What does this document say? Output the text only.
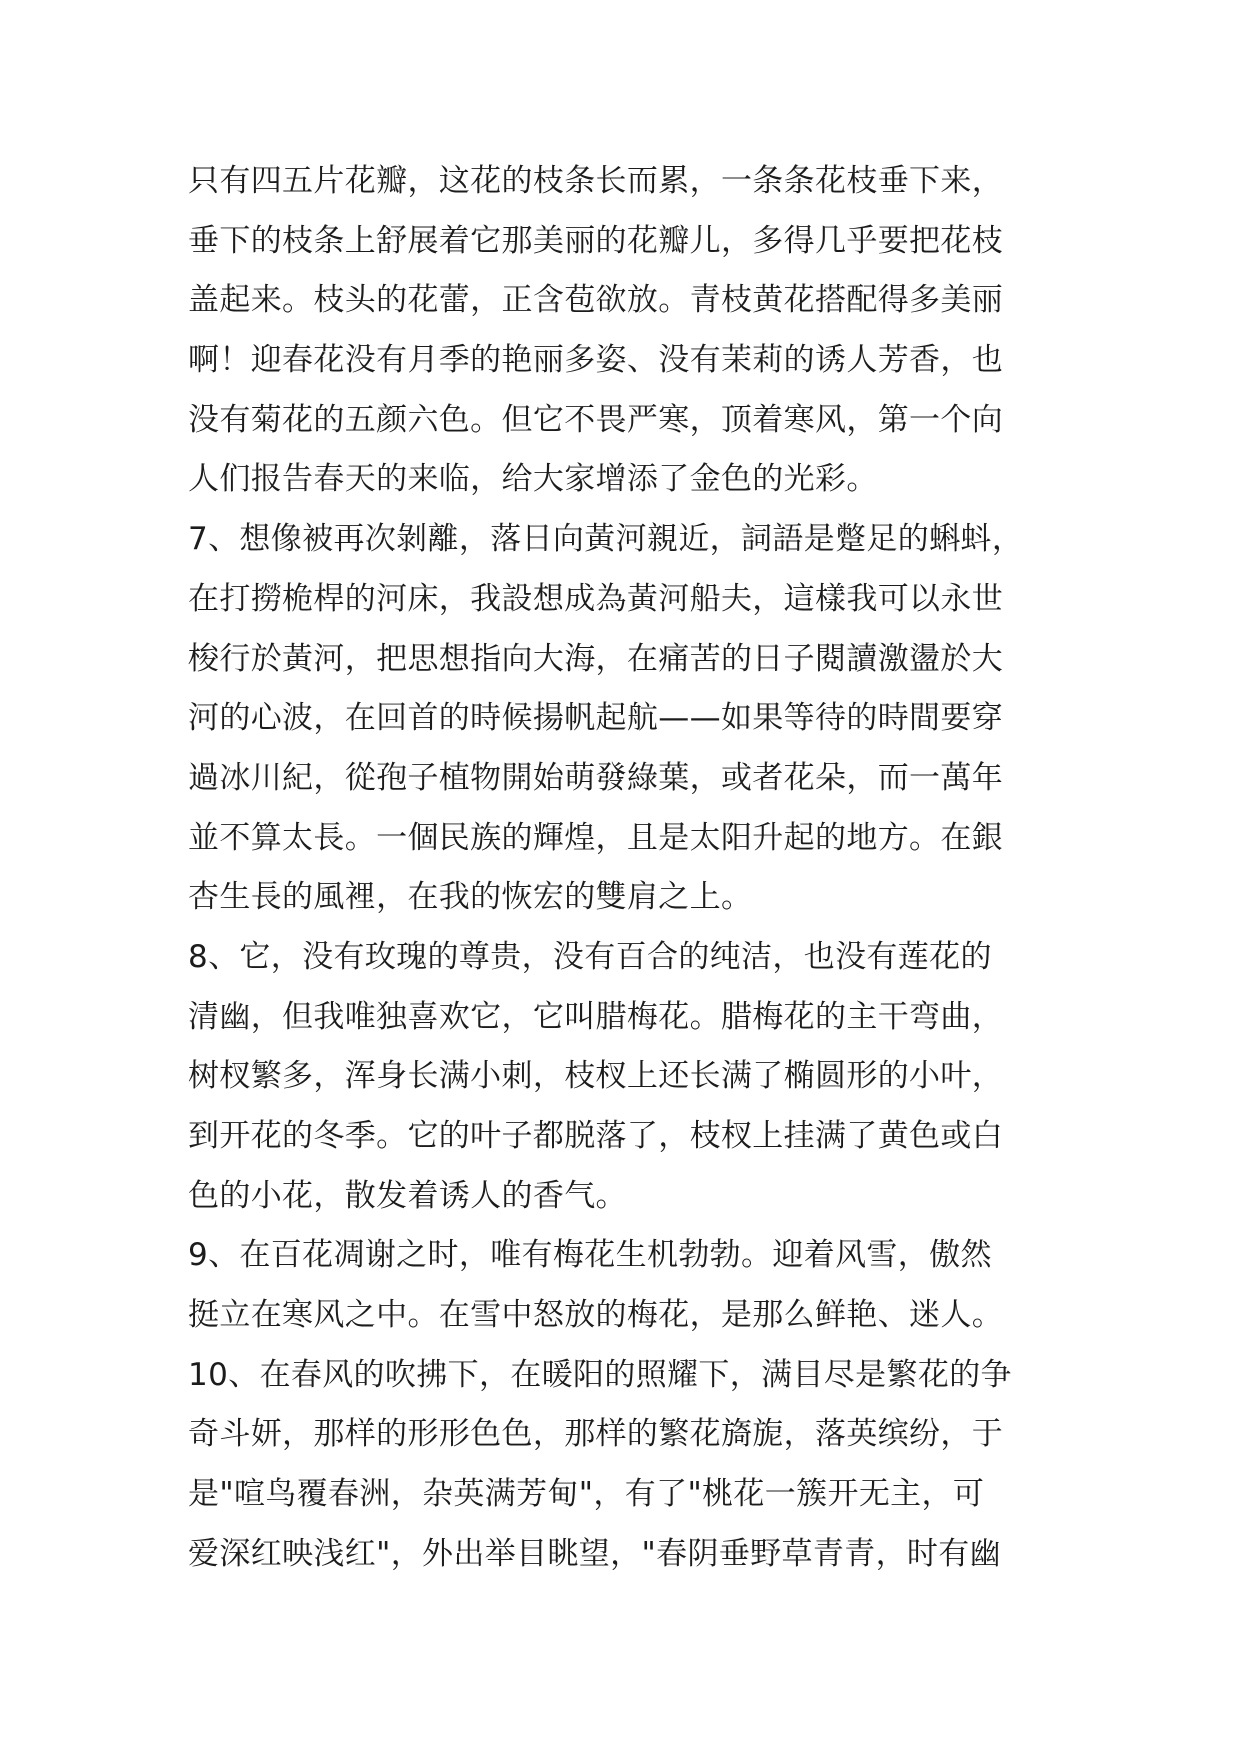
只有四五片花瓣，这花的枝条长而累，一条条花枝垂下来，
垂下的枝条上舒展着它那美丽的花瓣儿，多得几乎要把花枝
盖起来。枝头的花蕾，正含苞欲放。青枝黄花搭配得多美丽
啊！迎春花没有月季的艳丽多姿、没有茉莉的诱人芳香，也
没有菊花的五颜六色。但它不畏严寒，顶着寒风，第一个向
人们报告春天的来临，给大家增添了金色的光彩。
7、想像被再次剝離，落日向黃河親近，詞語是蹩足的蝌蚪，
在打撈桅桿的河床，我設想成為黃河船夫，這樣我可以永世
梭行於黃河，把思想指向大海，在痛苦的日子閱讀激盪於大
河的心波，在回首的時候揚帆起航——如果等待的時間要穿
過冰川紀，從孢子植物開始萌發綠葉，或者花朵，而一萬年
並不算太長。一個民族的輝煌，且是太阳升起的地方。在銀
杏生長的風裡，在我的恢宏的雙肩之上。
8、它，没有玫瑰的尊贵，没有百合的纯洁，也没有莲花的
清幽，但我唯独喜欢它，它叫腊梅花。腊梅花的主干弯曲，
树杈繁多，浑身长满小刺，枝杈上还长满了椭圆形的小叶，
到开花的冬季。它的叶子都脱落了，枝杈上挂满了黄色或白
色的小花，散发着诱人的香气。
9、在百花凋谢之时，唯有梅花生机勃勃。迎着风雪，傲然
挺立在寒风之中。在雪中怒放的梅花，是那么鲜艳、迷人。
10、在春风的吹拂下，在暖阳的照耀下，满目尽是繁花的争
奇斗妍，那样的形形色色，那样的繁花旖旎，落英缤纷，于
是"喧鸟覆春洲，杂英满芳甸"，有了"桃花一簇开无主，可
爱深红映浅红"，外出举目眺望，"春阴垂野草青青，时有幽
